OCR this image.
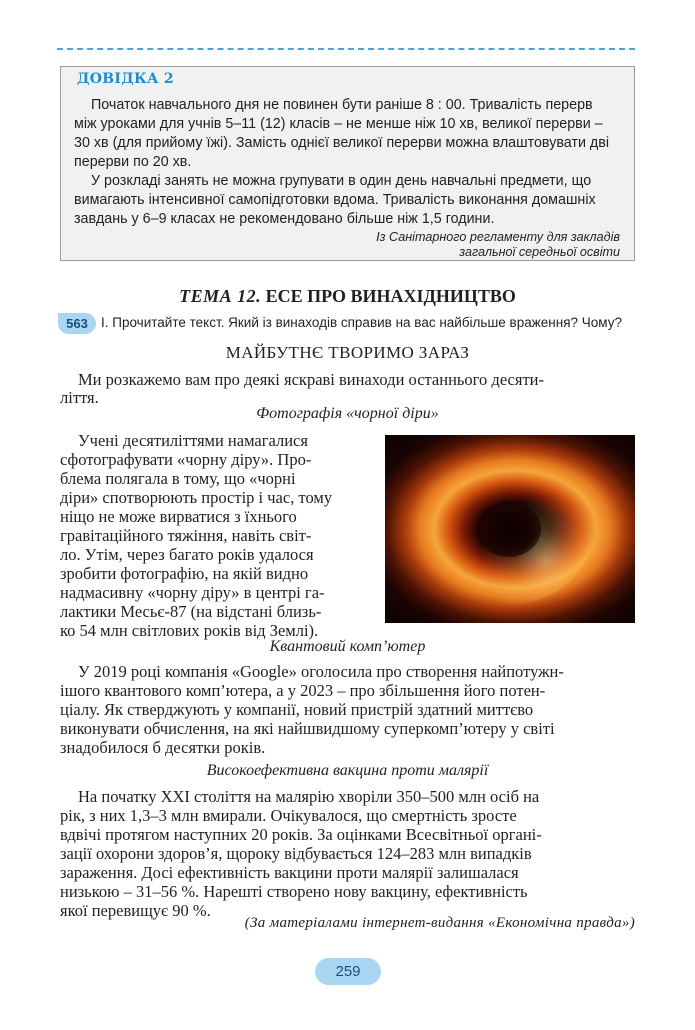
ДОВІДКА 2
Початок навчального дня не повинен бути раніше 8 : 00. Тривалість перерв
між уроками для учнів 5–11 (12) класів – не менше ніж 10 хв, великої перерви –
30 хв (для прийому їжі). Замість однієї великої перерви можна влаштовувати дві
перерви по 20 хв.
У розкладі занять не можна групувати в один день навчальні предмети, що
вимагають інтенсивної самопідготовки вдома. Тривалість виконання домашніх
завдань у 6–9 класах не рекомендовано більше ніж 1,5 години.
Із Санітарного регламенту для закладів
загальної середньої освіти
ТЕМА 12. ЕСЕ ПРО ВИНАХІДНИЦТВО
563 І. Прочитайте текст. Який із винаходів справив на вас найбільше враження? Чому?
МАЙБУТНЄ ТВОРИМО ЗАРАЗ
Ми розкажемо вам про деякі яскраві винаходи останнього десяти-
ліття.
Фотографія «чорної діри»
Учені десятиліттями намагалися
сфотографувати «чорну діру». Про-
блема полягала в тому, що «чорні
діри» спотворюють простір і час, тому
ніщо не може вирватися з їхнього
гравітаційного тяжіння, навіть світ-
ло. Утім, через багато років удалося
зробити фотографію, на якій видно
надмасивну «чорну діру» в центрі га-
лактики Месьє-87 (на відстані близь-
ко 54 млн світлових років від Землі).
Квантовий комп’ютер
У 2019 році компанія «Google» оголосила про створення найпотужн-
ішого квантового комп’ютера, а у 2023 – про збільшення його потен-
ціалу. Як стверджують у компанії, новий пристрій здатний миттєво
виконувати обчислення, на які найшвидшому суперкомп’ютеру у світі
знадобилося б десятки років.
Високоефективна вакцина проти малярії
На початку XXI століття на малярію хворіли 350–500 млн осіб на
рік, з них 1,3–3 млн вмирали. Очікувалося, що смертність зросте
вдвічі протягом наступних 20 років. За оцінками Всесвітньої органі-
зації охорони здоров’я, щороку відбувається 124–283 млн випадків
зараження. Досі ефективність вакцини проти малярії залишалася
низькою – 31–56 %. Нарешті створено нову вакцину, ефективність
якої перевищує 90 %.
(За матеріалами інтернет-видання «Економічна правда»)
259
